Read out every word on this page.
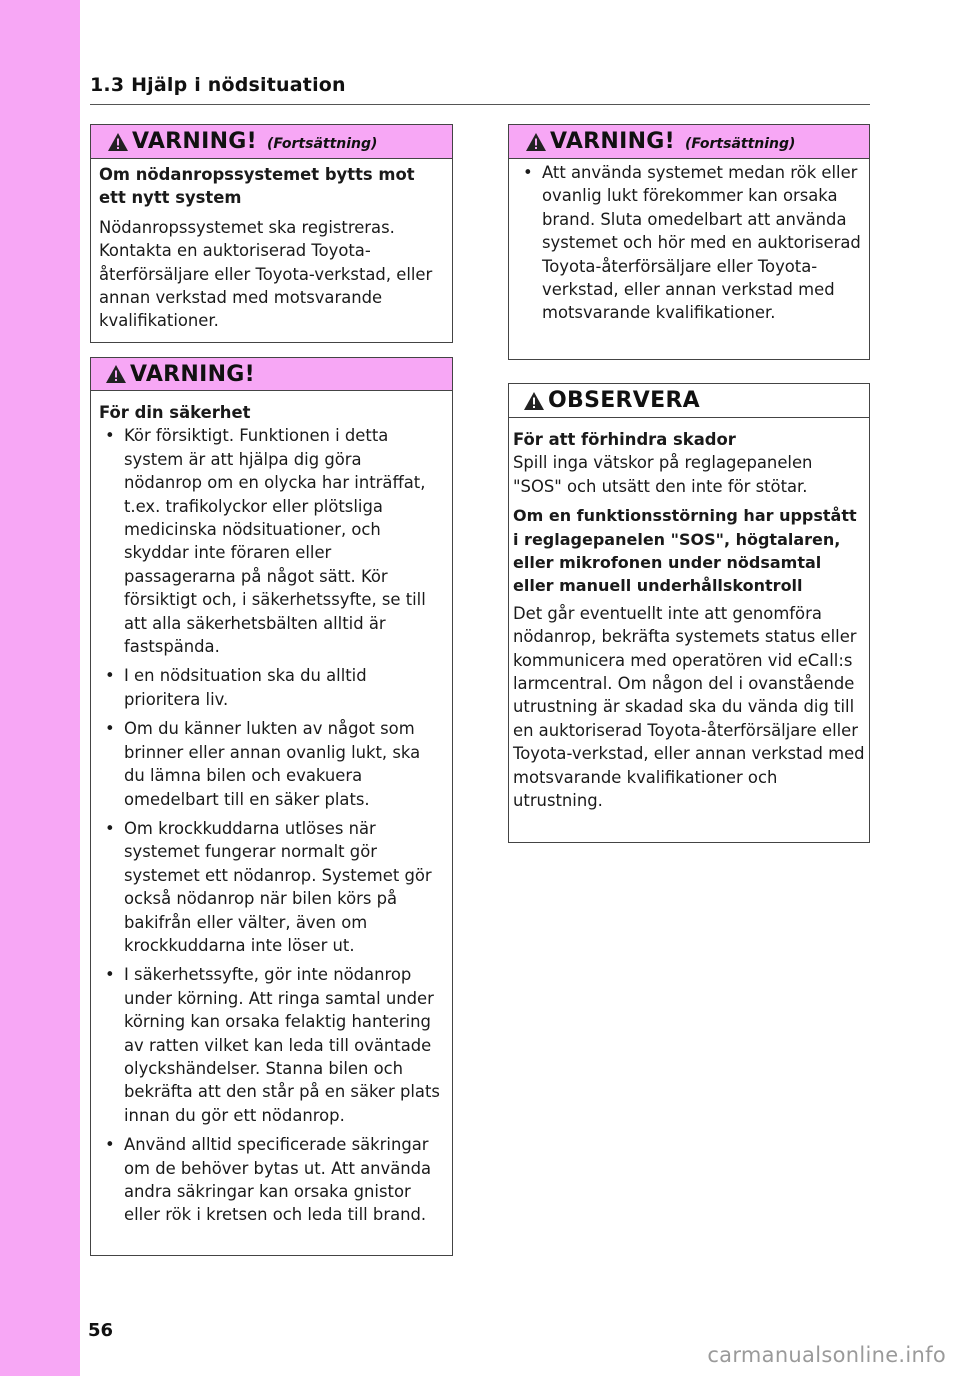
1.3 Hjälp i nödsituation
VARNING! (Fortsättning)

Om nödanropssystemet bytts mot ett nytt system

Nödanropssystemet ska registreras. Kontakta en auktoriserad Toyota-återförsäljare eller Toyota-verkstad, eller annan verkstad med motsvarande kvalifikationer.

VARNING!

För din säkerhet

• Kör försiktigt. Funktionen i detta system är att hjälpa dig göra nödanrop om en olycka har inträffat, t.ex. trafikolyckor eller plötsliga medicinska nödsituationer, och skyddar inte föraren eller passagerarna på något sätt. Kör försiktigt och, i säkerhetssyfte, se till att alla säkerhetsbälten alltid är fastspända.
• I en nödsituation ska du alltid prioritera liv.
• Om du känner lukten av något som brinner eller annan ovanlig lukt, ska du lämna bilen och evakuera omedelbart till en säker plats.
• Om krockkuddarna utlöses när systemet fungerar normalt gör systemet ett nödanrop. Systemet gör också nödanrop när bilen körs på bakifrån eller välter, även om krockkuddarna inte löser ut.
• I säkerhetssyfte, gör inte nödanrop under körning. Att ringa samtal under körning kan orsaka felaktig hantering av ratten vilket kan leda till oväntade olyckshändelser. Stanna bilen och bekräfta att den står på en säker plats innan du gör ett nödanrop.
• Använd alltid specificerade säkringar om de behöver bytas ut. Att använda andra säkringar kan orsaka gnistor eller rök i kretsen och leda till brand.
VARNING! (Fortsättning)
• Att använda systemet medan rök eller ovanlig lukt förekommer kan orsaka brand. Sluta omedelbart att använda systemet och hör med en auktoriserad Toyota-återförsäljare eller Toyota-verkstad, eller annan verkstad med motsvarande kvalifikationer.
OBSERVERA

För att förhindra skador

Spill inga vätskor på reglagepanelen "SOS" och utsätt den inte för stötar.

Om en funktionsstörning har uppstått i reglagepanelen "SOS", högtalaren, eller mikrofonen under nödsamtal eller manuell underhållskontroll

Det går eventuellt inte att genomföra nödanrop, bekräfta systemets status eller kommunicera med operatören vid eCall:s larmcentral. Om någon del i ovanstående utrustning är skadad ska du vända dig till en auktoriserad Toyota-återförsäljare eller Toyota-verkstad, eller annan verkstad med motsvarande kvalifikationer och utrustning.

56
carmanualsonline.info
